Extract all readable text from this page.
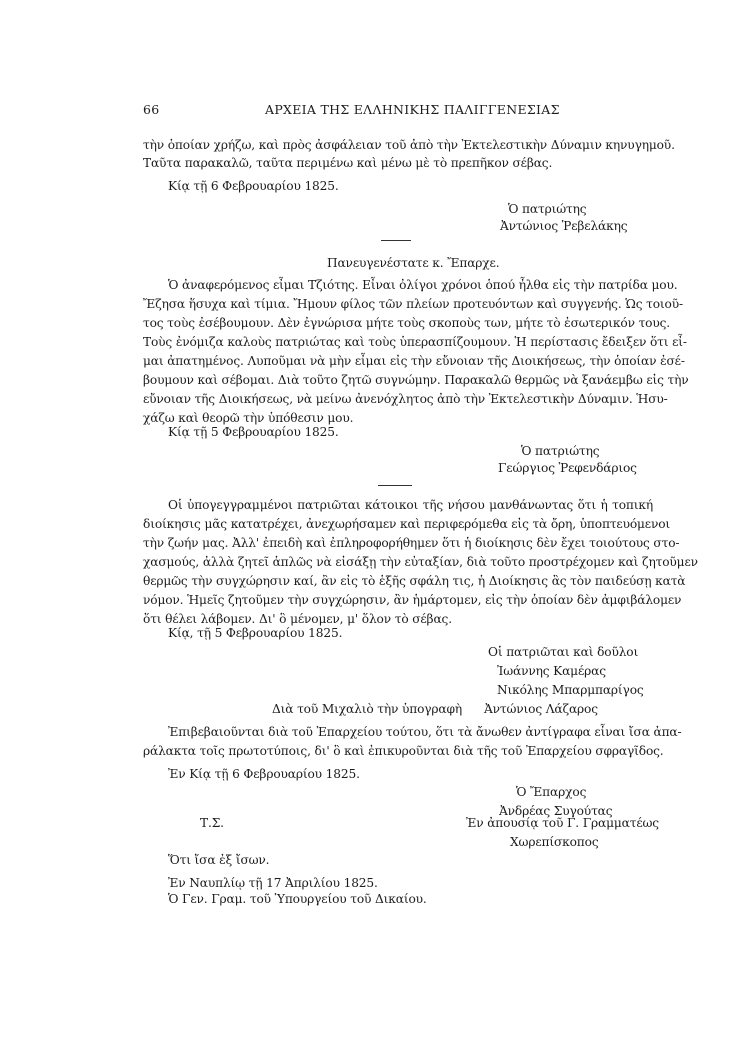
66	ΑΡΧΕΙΑ ΤΗΣ ΕΛΛΗΝΙΚΗΣ ΠΑΛΙΓΓΕΝΕΣΙΑΣ
τὴν ὁποίαν χρήζω, καὶ πρὸς ἀσφάλειαν τοῦ ἀπὸ τὴν Ἐκτελεστικὴν Δύναμιν κηνυγημοῦ.
Ταῦτα παρακαλῶ, ταῦτα περιμένω καὶ μένω μὲ τὸ πρεπῆκον σέβας.
Κίᾳ τῇ 6 Φεβρουαρίου 1825.
Ὁ πατριώτης
Ἀντώνιος Ῥεβελάκης
Πανευγενέστατε κ. Ἔπαρχε.
Ὁ ἀναφερόμενος εἶμαι Τζιότης. Εἶναι ὀλίγοι χρόνοι ὁπού ἦλθα εἰς τὴν πατρίδα μου.
Ἔζησα ἥσυχα καὶ τίμια. Ἤμουν φίλος τῶν πλείων προτευόντων καὶ συγγενής. Ὡς τοιοῦ-
τος τοὺς ἐσέβουμουν. Δὲν ἐγνώρισα μήτε τοὺς σκοποὺς των, μήτε τὸ ἐσωτερικόν τους.
Τοὺς ἐνόμιζα καλοὺς πατριώτας καὶ τοὺς ὑπερασπίζουμουν. Ἡ περίστασις ἔδειξεν ὅτι εἶ-
μαι ἀπατημένος. Λυποῦμαι νὰ μὴν εἶμαι εἰς τὴν εὔνοιαν τῆς Διοικήσεως, τὴν ὁποίαν ἐσέ-
βουμουν καὶ σέβομαι. Διὰ τοῦτο ζητῶ συγνώμην. Παρακαλῶ θερμῶς νὰ ξανάεμβω εἰς τὴν
εὔνοιαν τῆς Διοικήσεως, νὰ μείνω ἀνενόχλητος ἀπὸ τὴν Ἐκτελεστικὴν Δύναμιν. Ἡσυ-
χάζω καὶ θεορῶ τὴν ὑπόθεσιν μου.
Κίᾳ τῇ 5 Φεβρουαρίου 1825.
Ὁ πατριώτης
Γεώργιος Ῥεφενδάριος
Οἱ ὑπογεγγραμμένοι πατριῶται κάτοικοι τῆς νήσου μανθάνωντας ὅτι ἡ τοπική
διοίκησις μᾶς κατατρέχει, ἀνεχωρήσαμεν καὶ περιφερόμεθα εἰς τὰ ὄρη, ὑποπτευόμενοι
τὴν ζωήν μας. Ἀλλ' ἐπειδὴ καὶ ἐπληροφορήθημεν ὅτι ἡ διοίκησις δὲν ἔχει τοιούτους στο-
χασμούς, ἀλλὰ ζητεῖ ἁπλῶς νὰ εἰσάξῃ τὴν εὐταξίαν, διὰ τοῦτο προστρέχομεν καὶ ζητοῦμεν
θερμῶς τὴν συγχώρησιν καί, ἂν εἰς τὸ ἑξῆς σφάλη τις, ἡ Διοίκησις ἂς τὸν παιδεύσῃ κατὰ
νόμον. Ἡμεῖς ζητοῦμεν τὴν συγχώρησιν, ἂν ἡμάρτομεν, εἰς τὴν ὁποίαν δὲν ἀμφιβάλομεν
ὅτι θέλει λάβομεν. Δι' ὃ μένομεν, μ' ὅλον τὸ σέβας.
Κίᾳ, τῇ 5 Φεβρουαρίου 1825.
Οἱ πατριῶται καὶ δοῦλοι
Ἰωάννης Καμέρας
Νικόλης Μπαρμπαρίγος
Διὰ τοῦ Μιχαλιὸ τὴν ὑπογραφὴ Ἀντώνιος Λάζαρος
Ἐπιβεβαιοῦνται διὰ τοῦ Ἐπαρχείου τούτου, ὅτι τὰ ἄνωθεν ἀντίγραφα εἶναι ἴσα ἀπα-
ράλακτα τοῖς πρωτοτύποις, δι' ὃ καὶ ἐπικυροῦνται διὰ τῆς τοῦ Ἐπαρχείου σφραγῖδος.
Ἐν Κίᾳ τῇ 6 Φεβρουαρίου 1825.
Ὁ Ἔπαρχος
Ἀνδρέας Συγούτας
Τ.Σ.	Ἐν ἀπουσίᾳ τοῦ Γ. Γραμματέως
Χωρεπίσκοπος
Ὅτι ἴσα ἐξ ἴσων.
Ἐν Ναυπλίῳ τῇ 17 Ἀπριλίου 1825.
Ὁ Γεν. Γραμ. τοῦ Ὑπουργείου τοῦ Δικαίου.
